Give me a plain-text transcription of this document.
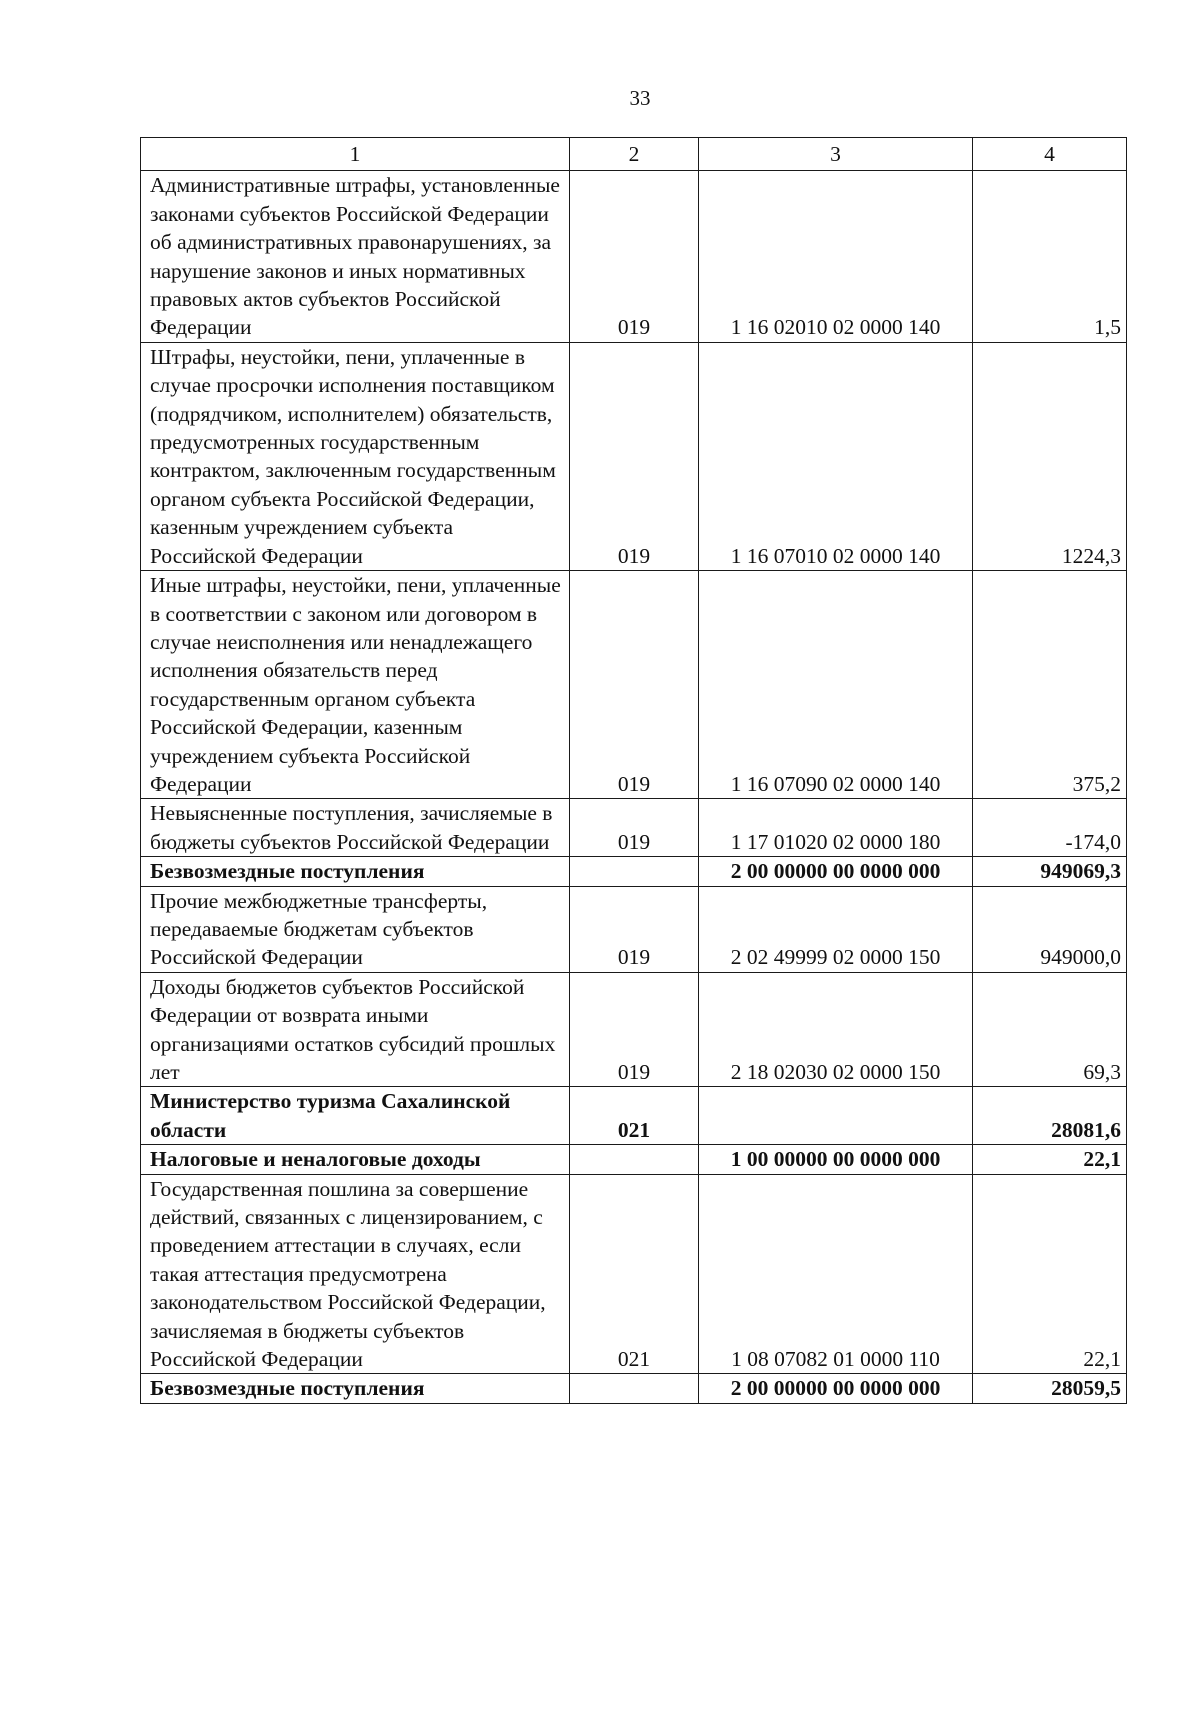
33
1	2	3	4
Административные штрафы, установленные законами субъектов Российской Федерации об административных правонарушениях, за нарушение законов и иных нормативных правовых актов субъектов Российской Федерации	019	1 16 02010 02 0000 140	1,5
Штрафы, неустойки, пени, уплаченные в случае просрочки исполнения поставщиком (подрядчиком, исполнителем) обязательств, предусмотренных государственным контрактом, заключенным государственным органом субъекта Российской Федерации, казенным учреждением субъекта Российской Федерации	019	1 16 07010 02 0000 140	1224,3
Иные штрафы, неустойки, пени, уплаченные в соответствии с законом или договором в случае неисполнения или ненадлежащего исполнения обязательств перед государственным органом субъекта Российской Федерации, казенным учреждением субъекта Российской Федерации	019	1 16 07090 02 0000 140	375,2
Невыясненные поступления, зачисляемые в бюджеты субъектов Российской Федерации	019	1 17 01020 02 0000 180	-174,0
Безвозмездные поступления		2 00 00000 00 0000 000	949069,3
Прочие межбюджетные трансферты, передаваемые бюджетам субъектов Российской Федерации	019	2 02 49999 02 0000 150	949000,0
Доходы бюджетов субъектов Российской Федерации от возврата иными организациями остатков субсидий прошлых лет	019	2 18 02030 02 0000 150	69,3
Министерство туризма Сахалинской области	021		28081,6
Налоговые и неналоговые доходы		1 00 00000 00 0000 000	22,1
Государственная пошлина за совершение действий, связанных с лицензированием, с проведением аттестации в случаях, если такая аттестация предусмотрена законодательством Российской Федерации, зачисляемая в бюджеты субъектов Российской Федерации	021	1 08 07082 01 0000 110	22,1
Безвозмездные поступления		2 00 00000 00 0000 000	28059,5
